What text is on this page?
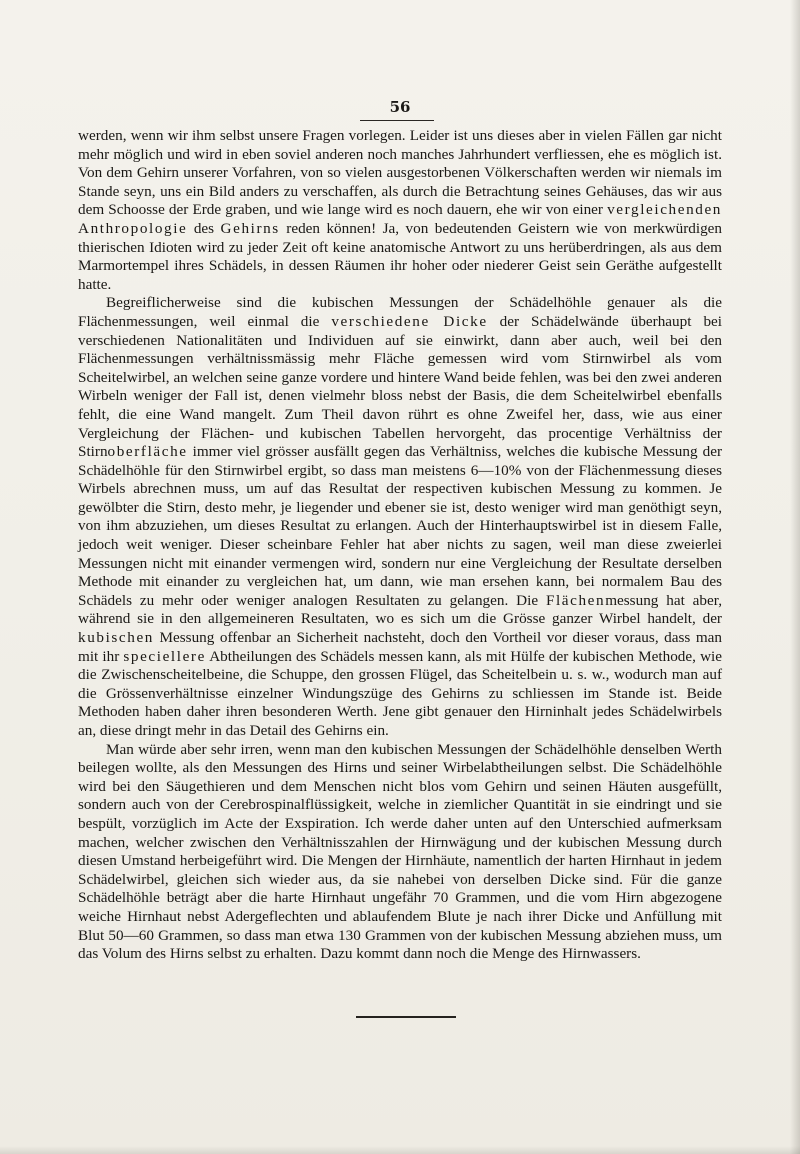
56

werden, wenn wir ihm selbst unsere Fragen vorlegen. Leider ist uns dieses aber in vielen Fällen gar nicht mehr möglich und wird in eben soviel anderen noch manches Jahrhundert verfliessen, ehe es möglich ist. Von dem Gehirn unserer Vorfahren, von so vielen ausgestorbenen Völkerschaften werden wir niemals im Stande seyn, uns ein Bild anders zu verschaffen, als durch die Betrachtung seines Gehäuses, das wir aus dem Schoosse der Erde graben, und wie lange wird es noch dauern, ehe wir von einer vergleichenden Anthropologie des Gehirns reden können! Ja, von bedeutenden Geistern wie von merkwürdigen thierischen Idioten wird zu jeder Zeit oft keine anatomische Antwort zu uns herüberdringen, als aus dem Marmortempel ihres Schädels, in dessen Räumen ihr hoher oder niederer Geist sein Geräthe aufgestellt hatte.

Begreiflicherweise sind die kubischen Messungen der Schädelhöhle genauer als die Flächenmessungen, weil einmal die verschiedene Dicke der Schädelwände überhaupt bei verschiedenen Nationalitäten und Individuen auf sie einwirkt, dann aber auch, weil bei den Flächenmessungen verhältnissmässig mehr Fläche gemessen wird vom Stirnwirbel als vom Scheitelwirbel, an welchen seine ganze vordere und hintere Wand beide fehlen, was bei den zwei anderen Wirbeln weniger der Fall ist, denen vielmehr bloss nebst der Basis, die dem Scheitelwirbel ebenfalls fehlt, die eine Wand mangelt. Zum Theil davon rührt es ohne Zweifel her, dass, wie aus einer Vergleichung der Flächen- und kubischen Tabellen hervorgeht, das procentige Verhältniss der Stirnoberfläche immer viel grösser ausfällt gegen das Verhältniss, welches die kubische Messung der Schädelhöhle für den Stirnwirbel ergibt, so dass man meistens 6—10% von der Flächenmessung dieses Wirbels abrechnen muss, um auf das Resultat der respectiven kubischen Messung zu kommen. Je gewölbter die Stirn, desto mehr, je liegender und ebener sie ist, desto weniger wird man genöthigt seyn, von ihm abzuziehen, um dieses Resultat zu erlangen. Auch der Hinterhauptswirbel ist in diesem Falle, jedoch weit weniger. Dieser scheinbare Fehler hat aber nichts zu sagen, weil man diese zweierlei Messungen nicht mit einander vermengen wird, sondern nur eine Vergleichung der Resultate derselben Methode mit einander zu vergleichen hat, um dann, wie man ersehen kann, bei normalem Bau des Schädels zu mehr oder weniger analogen Resultaten zu gelangen. Die Flächenmessung hat aber, während sie in den allgemeineren Resultaten, wo es sich um die Grösse ganzer Wirbel handelt, der kubischen Messung offenbar an Sicherheit nachsteht, doch den Vortheil vor dieser voraus, dass man mit ihr speciellere Abtheilungen des Schädels messen kann, als mit Hülfe der kubischen Methode, wie die Zwischenscheitelbeine, die Schuppe, den grossen Flügel, das Scheitelbein u. s. w., wodurch man auf die Grössenverhältnisse einzelner Windungszüge des Gehirns zu schliessen im Stande ist. Beide Methoden haben daher ihren besonderen Werth. Jene gibt genauer den Hirninhalt jedes Schädelwirbels an, diese dringt mehr in das Detail des Gehirns ein.

Man würde aber sehr irren, wenn man den kubischen Messungen der Schädelhöhle denselben Werth beilegen wollte, als den Messungen des Hirns und seiner Wirbelabtheilungen selbst. Die Schädelhöhle wird bei den Säugethieren und dem Menschen nicht blos vom Gehirn und seinen Häuten ausgefüllt, sondern auch von der Cerebrospinalflüssigkeit, welche in ziemlicher Quantität in sie eindringt und sie bespült, vorzüglich im Acte der Exspiration. Ich werde daher unten auf den Unterschied aufmerksam machen, welcher zwischen den Verhältnisszahlen der Hirnwägung und der kubischen Messung durch diesen Umstand herbeigeführt wird. Die Mengen der Hirnhäute, namentlich der harten Hirnhaut in jedem Schädelwirbel, gleichen sich wieder aus, da sie nahebei von derselben Dicke sind. Für die ganze Schädelhöhle beträgt aber die harte Hirnhaut ungefähr 70 Grammen, und die vom Hirn abgezogene weiche Hirnhaut nebst Adergeflechten und ablaufendem Blute je nach ihrer Dicke und Anfüllung mit Blut 50—60 Grammen, so dass man etwa 130 Grammen von der kubischen Messung abziehen muss, um das Volum des Hirns selbst zu erhalten. Dazu kommt dann noch die Menge des Hirnwassers.
